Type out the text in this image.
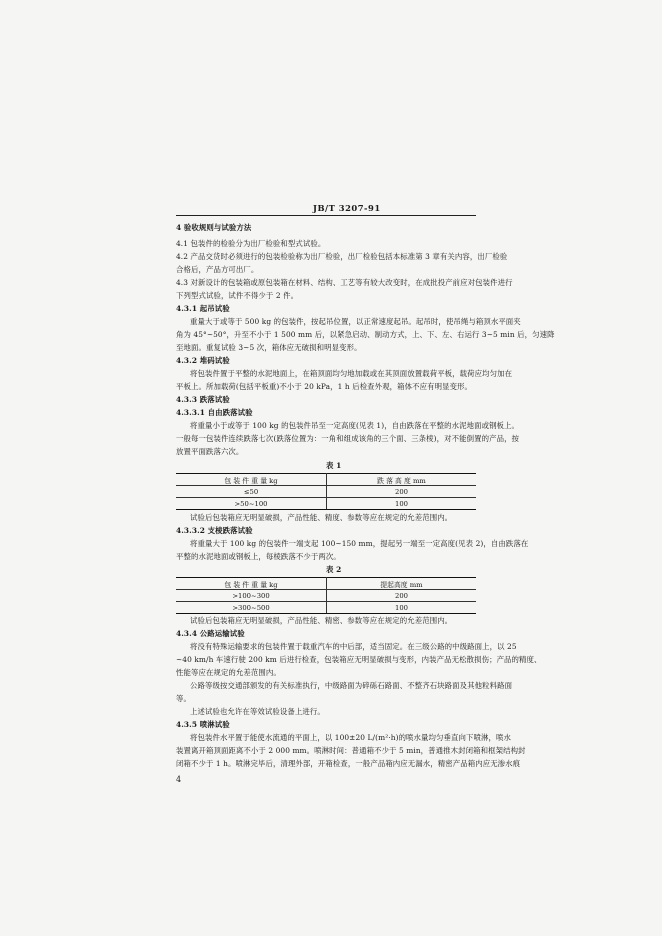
JB/T 3207-91
4 验收规则与试验方法
4.1 包装件的检验分为出厂检验和型式试验。
4.2 产品交货时必须进行的包装检验称为出厂检验，出厂检验包括本标准第 3 章有关内容，出厂检验
合格后，产品方可出厂。
4.3 对新设计的包装箱或原包装箱在材料、结构、工艺等有较大改变时，在成批投产前应对包装件进行
下列型式试验，试件不得少于 2 件。
4.3.1 起吊试验
重量大于或等于 500 kg 的包装件，按起吊位置，以正常速度起吊。起吊时，使吊绳与箱顶水平面夹
角为 45°~50°，升至不小于 1 500 mm 后，以紧急启动、制动方式，上、下、左、右运行 3~5 min 后，匀速降
至地面。重复试验 3~5 次，箱体应无破损和明显变形。
4.3.2 堆码试验
将包装件置于平整的水泥地面上，在箱顶面均匀地加载或在其顶面放置载荷平板，载荷应均匀加在
平板上。所加载荷(包括平板重)不小于 20 kPa，1 h 后检查外观，箱体不应有明显变形。
4.3.3 跌落试验
4.3.3.1 自由跌落试验
将重量小于或等于 100 kg 的包装件吊至一定高度(见表 1)，自由跌落在平整的水泥地面或钢板上。
一般每一包装件连续跌落七次(跌落位置为：一角和组成该角的三个面、三条棱)，对不能倒置的产品，按
放置平面跌落六次。
表 1
包 装 件 重 量 kg	跌 落 高 度 mm
≤50	200
>50~100	100
试验后包装箱应无明显破损，产品性能、精度、参数等应在规定的允差范围内。
4.3.3.2 支棱跌落试验
将重量大于 100 kg 的包装件一端支起 100~150 mm，提起另一端至一定高度(见表 2)，自由跌落在
平整的水泥地面或钢板上，每棱跌落不少于两次。
表 2
包 装 件 重 量 kg	提起高度 mm
>100~300	200
>300~500	100
试验后包装箱应无明显破损，产品性能、精密、参数等应在规定的允差范围内。
4.3.4 公路运输试验
将没有特殊运输要求的包装件置于载重汽车的中后部，适当固定。在三级公路的中级路面上，以 25
~40 km/h 车速行驶 200 km 后进行检查，包装箱应无明显破损与变形，内装产品无松散损伤；产品的精度、
性能等应在规定的允差范围内。
公路等级按交通部颁发的有关标准执行，中级路面为碎砾石路面、不整齐石块路面及其他粒料路面
等。
上述试验也允许在等效试验设备上进行。
4.3.5 喷淋试验
将包装件水平置于能使水流通的平面上，以 100±20 L/(m²·h)的喷水量均匀垂直向下喷淋，喷水
装置离开箱顶面距离不小于 2 000 mm。喷淋时间：普通箱不少于 5 min，普通推木封闭箱和框架结构封
闭箱不少于 1 h。喷淋完毕后，清理外部，开箱检查，一般产品箱内应无漏水，精密产品箱内应无渗水痕
4
